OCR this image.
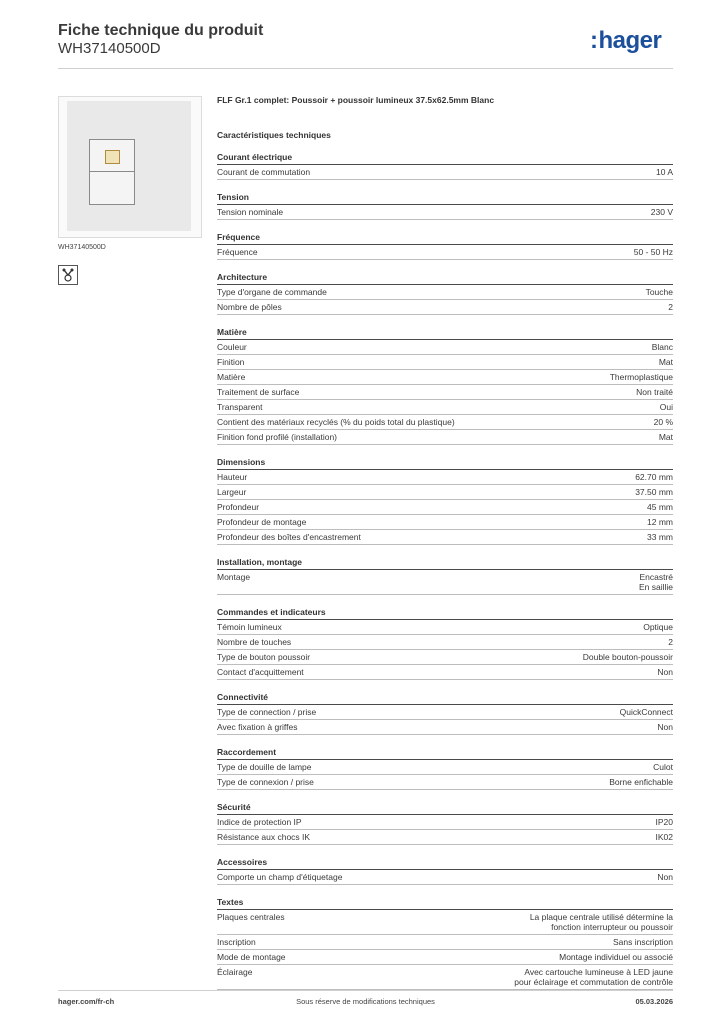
Fiche technique du produit
WH37140500D	:hager
WH37140500D

FLF Gr.1 complet: Poussoir + poussoir lumineux 37.5x62.5mm Blanc

Caractéristiques techniques
Courant électrique
Courant de commutation	10 A
Tension
Tension nominale	230 V
Fréquence
Fréquence	50 - 50 Hz
Architecture
Type d'organe de commande	Touche
Nombre de pôles	2
Matière
Couleur	Blanc
Finition	Mat
Matière	Thermoplastique
Traitement de surface	Non traité
Transparent	Oui
Contient des matériaux recyclés (% du poids total du plastique)	20 %
Finition fond profilé (installation)	Mat
Dimensions
Hauteur	62.70 mm
Largeur	37.50 mm
Profondeur	45 mm
Profondeur de montage	12 mm
Profondeur des boîtes d'encastrement	33 mm
Installation, montage
Montage	Encastré
En saillie
Commandes et indicateurs
Témoin lumineux	Optique
Nombre de touches	2
Type de bouton poussoir	Double bouton-poussoir
Contact d'acquittement	Non
Connectivité
Type de connection / prise	QuickConnect
Avec fixation à griffes	Non
Raccordement
Type de douille de lampe	Culot
Type de connexion / prise	Borne enfichable
Sécurité
Indice de protection IP	IP20
Résistance aux chocs IK	IK02
Accessoires
Comporte un champ d'étiquetage	Non
Textes
Plaques centrales	La plaque centrale utilisé détermine la
fonction interrupteur ou poussoir
Inscription	Sans inscription
Mode de montage	Montage individuel ou associé
Éclairage	Avec cartouche lumineuse à LED jaune
pour éclairage et commutation de contrôle
hager.com/fr-ch	Sous réserve de modifications techniques	05.03.2026
